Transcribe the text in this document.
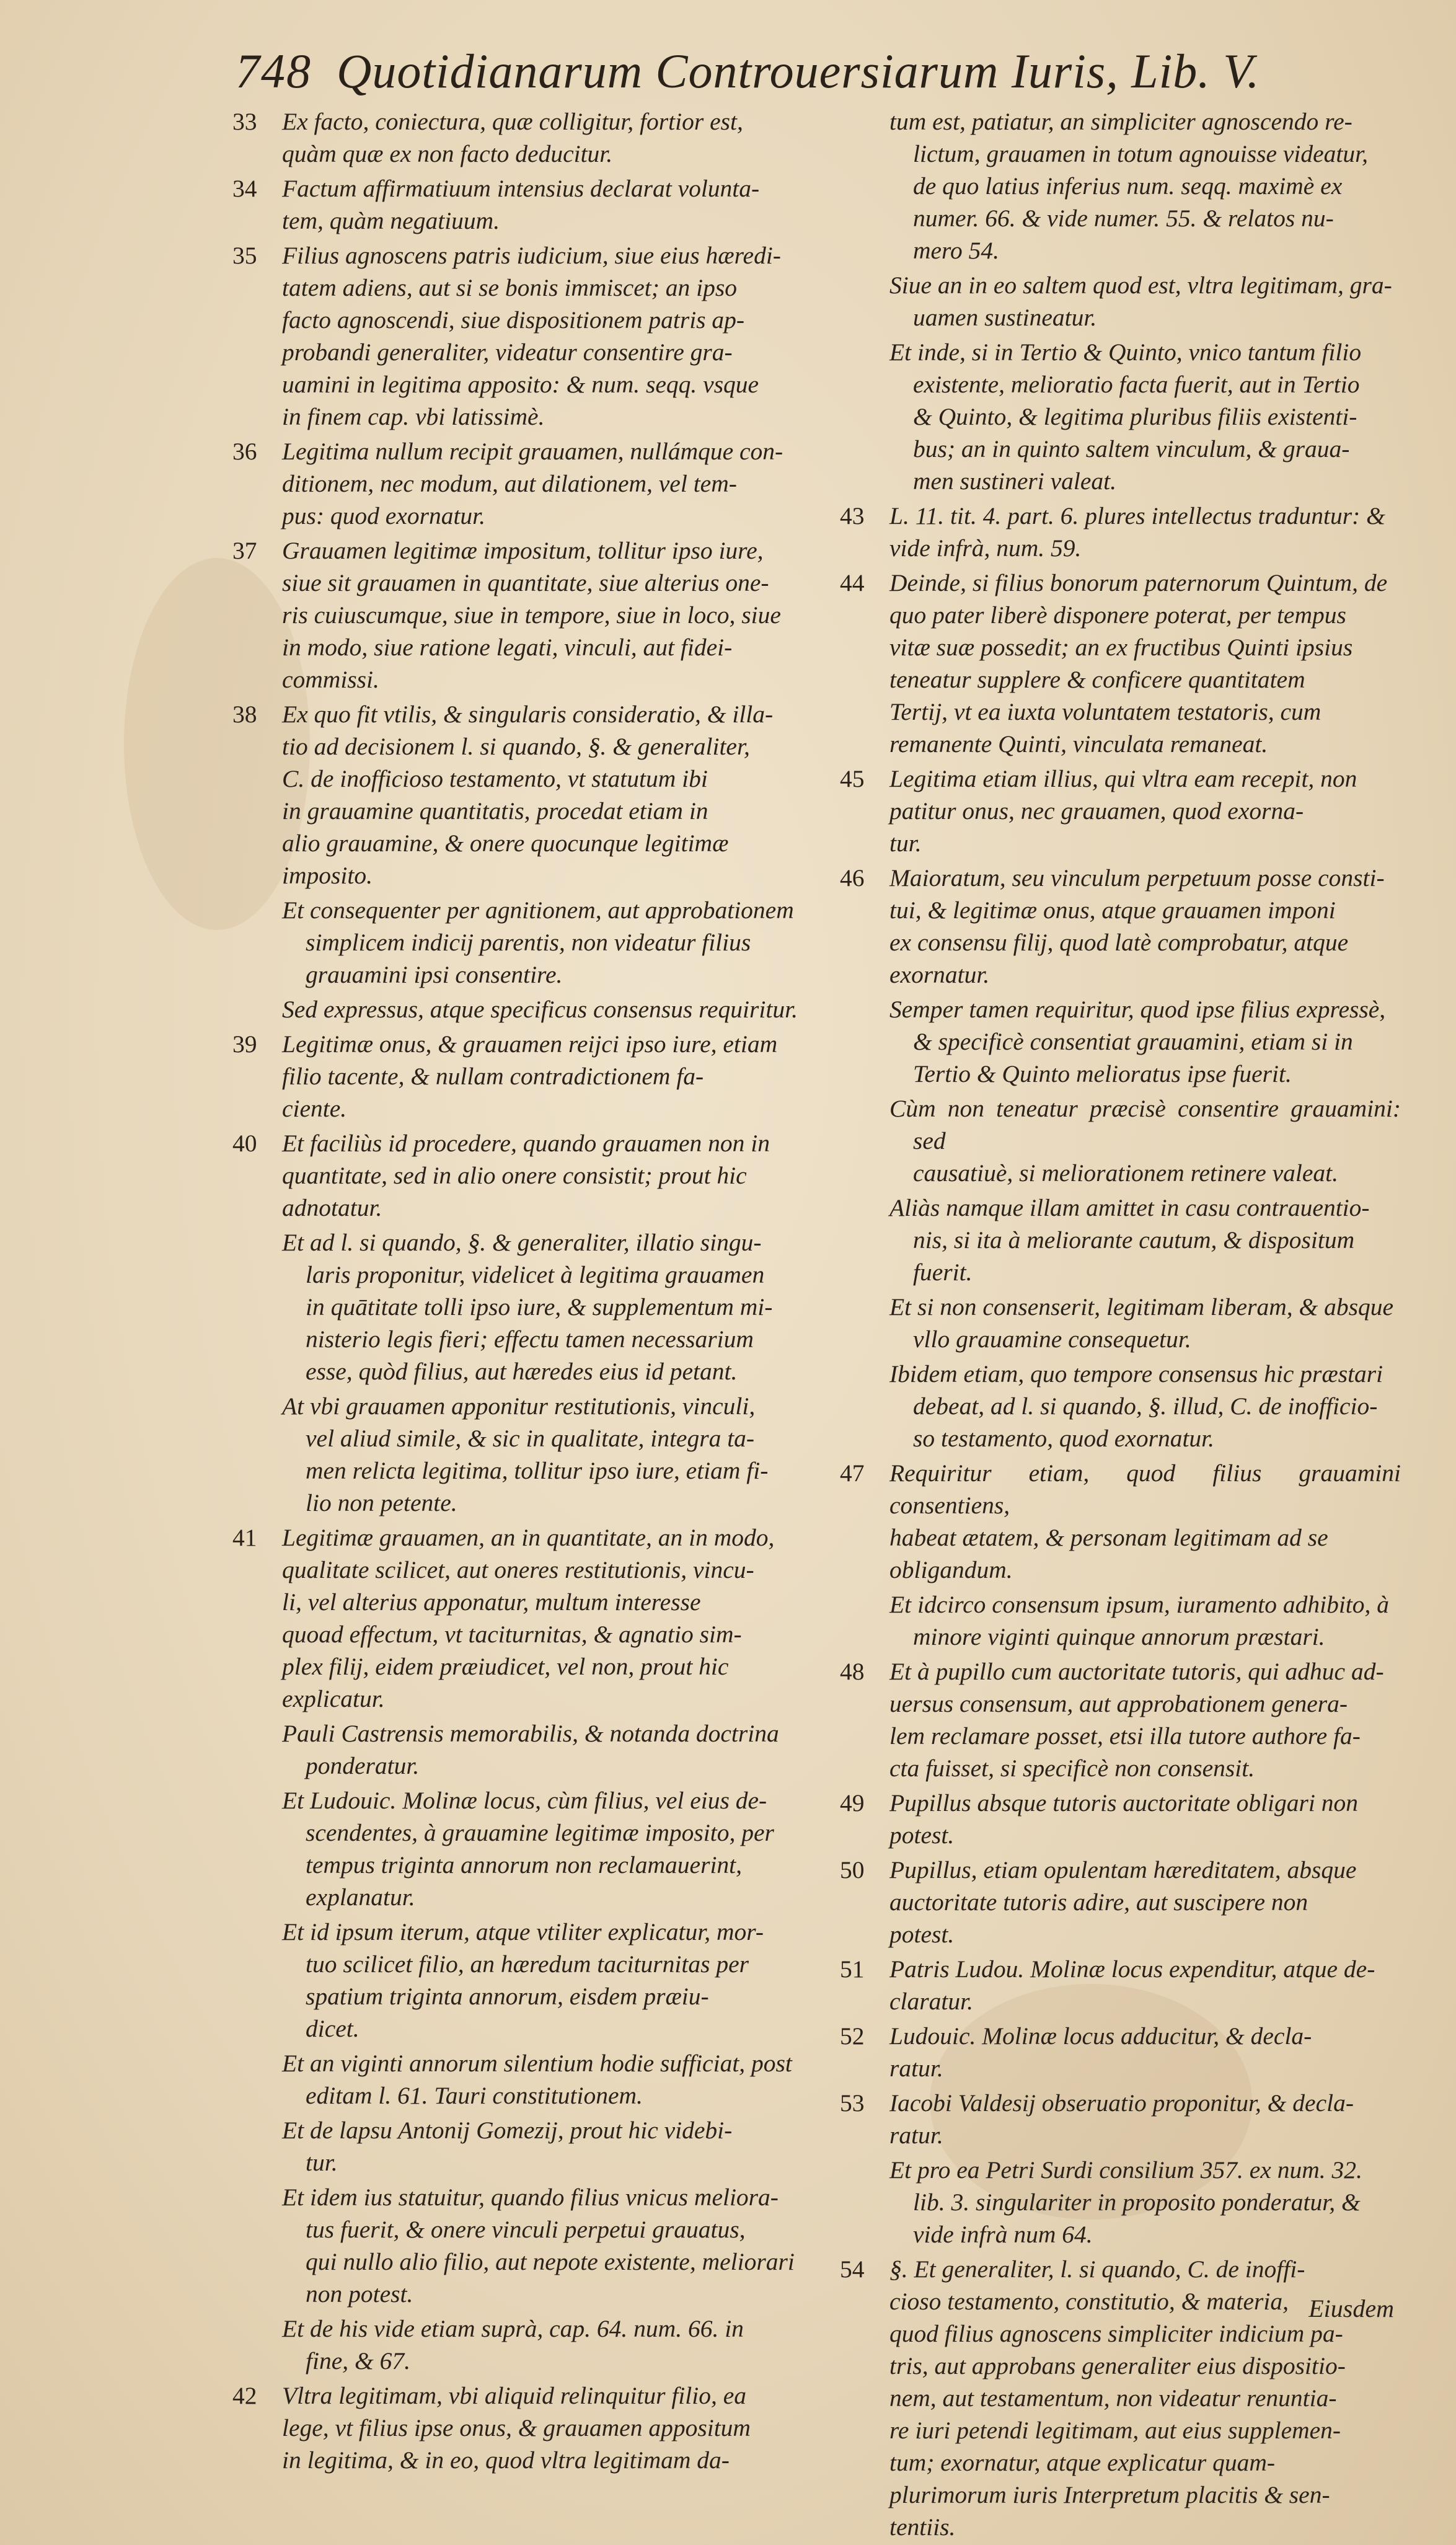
748 Quotidianarum Controuersiarum Iuris, Lib. V.
33	Ex facto, coniectura, quæ colligitur, fortior est,
quàm quæ ex non facto deducitur.
34	Factum affirmatiuum intensius declarat volunta-
tem, quàm negatiuum.
35	Filius agnoscens patris iudicium, siue eius hæredi-
tatem adiens, aut si se bonis immiscet; an ipso
facto agnoscendi, siue dispositionem patris ap-
probandi generaliter, videatur consentire gra-
uamini in legitima apposito: & num. seqq. vsque
in finem cap. vbi latissimè.
36	Legitima nullum recipit grauamen, nullámque con-
ditionem, nec modum, aut dilationem, vel tem-
pus: quod exornatur.
37	Grauamen legitimæ impositum, tollitur ipso iure,
siue sit grauamen in quantitate, siue alterius one-
ris cuiuscumque, siue in tempore, siue in loco, siue
in modo, siue ratione legati, vinculi, aut fidei-
commissi.
38	Ex quo fit vtilis, & singularis consideratio, & illa-
tio ad decisionem l. si quando, §. & generaliter,
C. de inofficioso testamento, vt statutum ibi
in grauamine quantitatis, procedat etiam in
alio grauamine, & onere quocunque legitimæ
imposito.
Et consequenter per agnitionem, aut approbationem
simplicem indicij parentis, non videatur filius
grauamini ipsi consentire.
Sed expressus, atque specificus consensus requiritur.
39	Legitimæ onus, & grauamen reijci ipso iure, etiam
filio tacente, & nullam contradictionem fa-
ciente.
40	Et faciliùs id procedere, quando grauamen non in
quantitate, sed in alio onere consistit; prout hic
adnotatur.
Et ad l. si quando, §. & generaliter, illatio singu-
laris proponitur, videlicet à legitima grauamen
in quātitate tolli ipso iure, & supplementum mi-
nisterio legis fieri; effectu tamen necessarium
esse, quòd filius, aut hæredes eius id petant.
At vbi grauamen apponitur restitutionis, vinculi,
vel aliud simile, & sic in qualitate, integra ta-
men relicta legitima, tollitur ipso iure, etiam fi-
lio non petente.
41	Legitimæ grauamen, an in quantitate, an in modo,
qualitate scilicet, aut oneres restitutionis, vincu-
li, vel alterius apponatur, multum interesse
quoad effectum, vt taciturnitas, & agnatio sim-
plex filij, eidem præiudicet, vel non, prout hic
explicatur.
Pauli Castrensis memorabilis, & notanda doctrina
ponderatur.
Et Ludouic. Molinæ locus, cùm filius, vel eius de-
scendentes, à grauamine legitimæ imposito, per
tempus triginta annorum non reclamauerint,
explanatur.
Et id ipsum iterum, atque vtiliter explicatur, mor-
tuo scilicet filio, an hæredum taciturnitas per
spatium triginta annorum, eisdem præiu-
dicet.
Et an viginti annorum silentium hodie sufficiat, post
editam l. 61. Tauri constitutionem.
Et de lapsu Antonij Gomezij, prout hic videbi-
tur.
Et idem ius statuitur, quando filius vnicus meliora-
tus fuerit, & onere vinculi perpetui grauatus,
qui nullo alio filio, aut nepote existente, meliorari
non potest.
Et de his vide etiam suprà, cap. 64. num. 66. in
fine, & 67.
42	Vltra legitimam, vbi aliquid relinquitur filio, ea
lege, vt filius ipse onus, & grauamen appositum
in legitima, & in eo, quod vltra legitimam da-
tum est, patiatur, an simpliciter agnoscendo re-
lictum, grauamen in totum agnouisse videatur,
de quo latius inferius num. seqq. maximè ex
numer. 66. & vide numer. 55. & relatos nu-
mero 54.
Siue an in eo saltem quod est, vltra legitimam, gra-
uamen sustineatur.
Et inde, si in Tertio & Quinto, vnico tantum filio
existente, melioratio facta fuerit, aut in Tertio
& Quinto, & legitima pluribus filiis existenti-
bus; an in quinto saltem vinculum, & graua-
men sustineri valeat.
43	L. 11. tit. 4. part. 6. plures intellectus traduntur: &
vide infrà, num. 59.
44	Deinde, si filius bonorum paternorum Quintum, de
quo pater liberè disponere poterat, per tempus
vitæ suæ possedit; an ex fructibus Quinti ipsius
teneatur supplere & conficere quantitatem
Tertij, vt ea iuxta voluntatem testatoris, cum
remanente Quinti, vinculata remaneat.
45	Legitima etiam illius, qui vltra eam recepit, non
patitur onus, nec grauamen, quod exorna-
tur.
46	Maioratum, seu vinculum perpetuum posse consti-
tui, & legitimæ onus, atque grauamen imponi
ex consensu filij, quod latè comprobatur, atque
exornatur.
Semper tamen requiritur, quod ipse filius expressè,
& specificè consentiat grauamini, etiam si in
Tertio & Quinto melioratus ipse fuerit.
Cùm non teneatur præcisè consentire grauamini: sed
causatiuè, si meliorationem retinere valeat.
Aliàs namque illam amittet in casu contrauentio-
nis, si ita à meliorante cautum, & dispositum
fuerit.
Et si non consenserit, legitimam liberam, & absque
vllo grauamine consequetur.
Ibidem etiam, quo tempore consensus hic præstari
debeat, ad l. si quando, §. illud, C. de inofficio-
so testamento, quod exornatur.
47	Requiritur etiam, quod filius grauamini consentiens,
habeat ætatem, & personam legitimam ad se
obligandum.
Et idcirco consensum ipsum, iuramento adhibito, à
minore viginti quinque annorum præstari.
48	Et à pupillo cum auctoritate tutoris, qui adhuc ad-
uersus consensum, aut approbationem genera-
lem reclamare posset, etsi illa tutore authore fa-
cta fuisset, si specificè non consensit.
49	Pupillus absque tutoris auctoritate obligari non
potest.
50	Pupillus, etiam opulentam hæreditatem, absque
auctoritate tutoris adire, aut suscipere non
potest.
51	Patris Ludou. Molinæ locus expenditur, atque de-
claratur.
52	Ludouic. Molinæ locus adducitur, & decla-
ratur.
53	Iacobi Valdesij obseruatio proponitur, & decla-
ratur.
Et pro ea Petri Surdi consilium 357. ex num. 32.
lib. 3. singulariter in proposito ponderatur, &
vide infrà num 64.
54	§. Et generaliter, l. si quando, C. de inoffi-
cioso testamento, constitutio, & materia,
quod filius agnoscens simpliciter indicium pa-
tris, aut approbans generaliter eius dispositio-
nem, aut testamentum, non videatur renuntia-
re iuri petendi legitimam, aut eius supplemen-
tum; exornatur, atque explicatur quam-
plurimorum iuris Interpretum placitis & sen-
tentiis.
Eiusdem
